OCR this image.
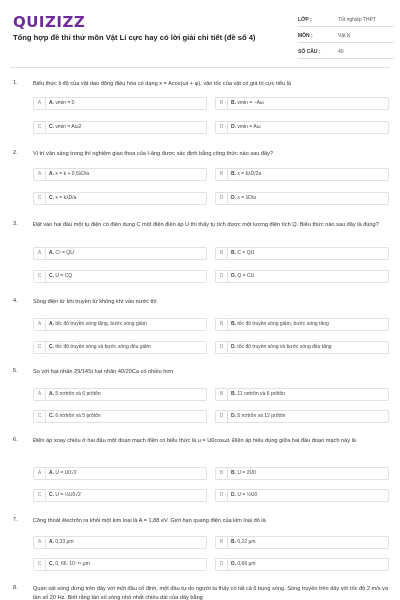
QUIZIZZ
Tổng hợp đề thi thử môn Vật Lí cực hay có lời giải chi tiết (đề số 4)
LỚP :	Tốt nghiệp THPT
MÔN :	Vật lý
SỐ CÂU :	40
1.	Biểu thức li độ của vật dao động điều hòa có dạng x = Acos(ωt + φ), vận tốc của vật có giá trị cực tiểu là
A	A. vmin = 0	B	B. vmin = −Aω
C	C. vmin = Aω2	D	D. vmin = Aω
2.	Vị trí vân sáng trong thí nghiệm giao thoa của I-âng được xác định bằng công thức nào sau đây?
A	A. x = k + 0,5λD/a	B	B. x = kλD/2a
C	C. x = kλD/a	D	D. x = λD/a
3.	Đặt vào hai đầu một tụ điện có điện dung C một điện điện áp U thì thấy tụ tích được một lượng điện tích Q. Biểu thức nào sau đây là đúng?
A	A. C² = QU	B	B. C = QU
C	C. U = CQ	D	D. Q = CU
4.	Sóng điện từ khi truyền từ không khí vào nước thì
A	A. tốc độ truyền sóng tăng, bước sóng giảm	B	B. tốc độ truyền sóng giảm, bước sóng tăng
C	C. tốc độ truyền sóng và bước sóng đều giảm	D	D. tốc độ truyền sóng và bước sóng đều tăng
5.	So với hạt nhân 29/14Si hạt nhân 40/20Ca có nhiều hơn
A	A. 5 nơtrôn và 6 prôtôn	B	B. 11 nơtrôn và 6 prôtôn
C	C. 6 nơtrôn và 5 prôtôn	D	D. 5 nơtrôn và 12 prôtôn
6.	Điện áp xoay chiều ở hai đầu một đoạn mạch điện có biểu thức là u = U0cosωt. Điện áp hiệu dụng giữa hai đầu đoạn mạch này là
A	A. U = U0√2	B	B. U = 2U0
C	C. U = ½U0√2	D	D. U = ½U0
7.	Công thoát êlectrôn ra khỏi một kim loại là A = 1,88 eV. Giới hạn quang điện của kim loại đó là
A	A. 0,33 μm	B	B. 0,22 μm
C	C. 0, 66. 10⁻¹⁹ μm	D	D. 0,66 μm
8.	Quan sát sóng dừng trên dây với một đầu cố định, một đầu tự do người ta thấy có tất cả 6 bụng sóng. Sóng truyền trên dây với tốc độ 2 m/s và tần số 20 Hz. Biết rằng tần số sóng nhỏ nhất chiều dài của dây bằng
